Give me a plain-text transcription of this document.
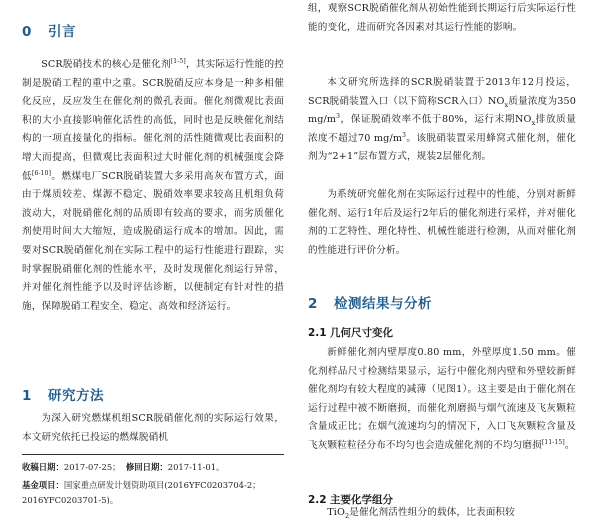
0 引言

SCR脱硝技术的核心是催化剂[1-5]，其实际运行性能的控制是脱硝工程的重中之重。SCR脱硝反应本身是一种多相催化反应，反应发生在催化剂的微孔表面。催化剂微观比表面积的大小直接影响催化活性的高低，同时也是反映催化剂结构的一项直接量化的指标。催化剂的活性随微观比表面积的增大而提高，但微观比表面积过大时催化剂的机械强度会降低[6-10]。燃煤电厂SCR脱硝装置大多采用高灰布置方式，面由于煤质较差、煤源不稳定、脱硝效率要求较高且机组负荷波动大，对脱硝催化剂的品质即有较高的要求，而劣质催化剂使用时间大大缩短，造成脱硝运行成本的增加。因此，需要对SCR脱硝催化剂在实际工程中的运行性能进行跟踪，实时掌握脱硝催化剂的性能水平，及时发现催化剂运行异常，并对催化剂性能予以及时评估诊断，以便制定有针对性的措施，保障脱硝工程安全、稳定、高效和经济运行。

1 研究方法

为深入研究燃煤机组SCR脱硝催化剂的实际运行效果，本文研究依托已投运的燃煤脱硝机

收稿日期：2017-07-25； 修回日期：2017-11-01。
基金项目：国家重点研发计划资助项目(2016YFC0203704-2；2016YFC0203701-5)。

组，观察SCR脱硝催化剂从初始性能到长期运行后实际运行性能的变化，进而研究各因素对其运行性能的影响。

本文研究所选择的SCR脱硝装置于2013年12月投运，SCR脱硝装置入口（以下简称SCR入口）$NO_x$质量浓度为350 $mg/m^3$，保证脱硝效率不低于80%，运行末期$NO_x$排放质量浓度不超过70 $mg/m^3$。该脱硝装置采用蜂窝式催化剂，催化剂为“2+1”层布置方式，规装2层催化剂。

为系统研究催化剂在实际运行过程中的性能，分别对新鲜催化剂、运行1年后及运行2年后的催化剂进行采样，并对催化剂的工艺特性、理化特性、机械性能进行检测，从而对催化剂的性能进行评价分析。

2 检测结果与分析
2.1 几何尺寸变化

新鲜催化剂内壁厚度0.80 mm，外壁厚度1.50 mm。催化剂样品尺寸检测结果显示，运行中催化剂内壁和外壁较新鲜催化剂均有较大程度的减薄（见图1）。这主要是由于催化剂在运行过程中被不断磨损，而催化剂磨损与烟气流速及飞灰颗粒含量成正比；在烟气流速均匀的情况下，入口飞灰颗粒含量及飞灰颗粒粒径分布不均匀也会造成催化剂的不均匀磨损[11-15]。

2.2 主要化学组分

TiO$_2$是催化剂活性组分的载体，比表面积较
